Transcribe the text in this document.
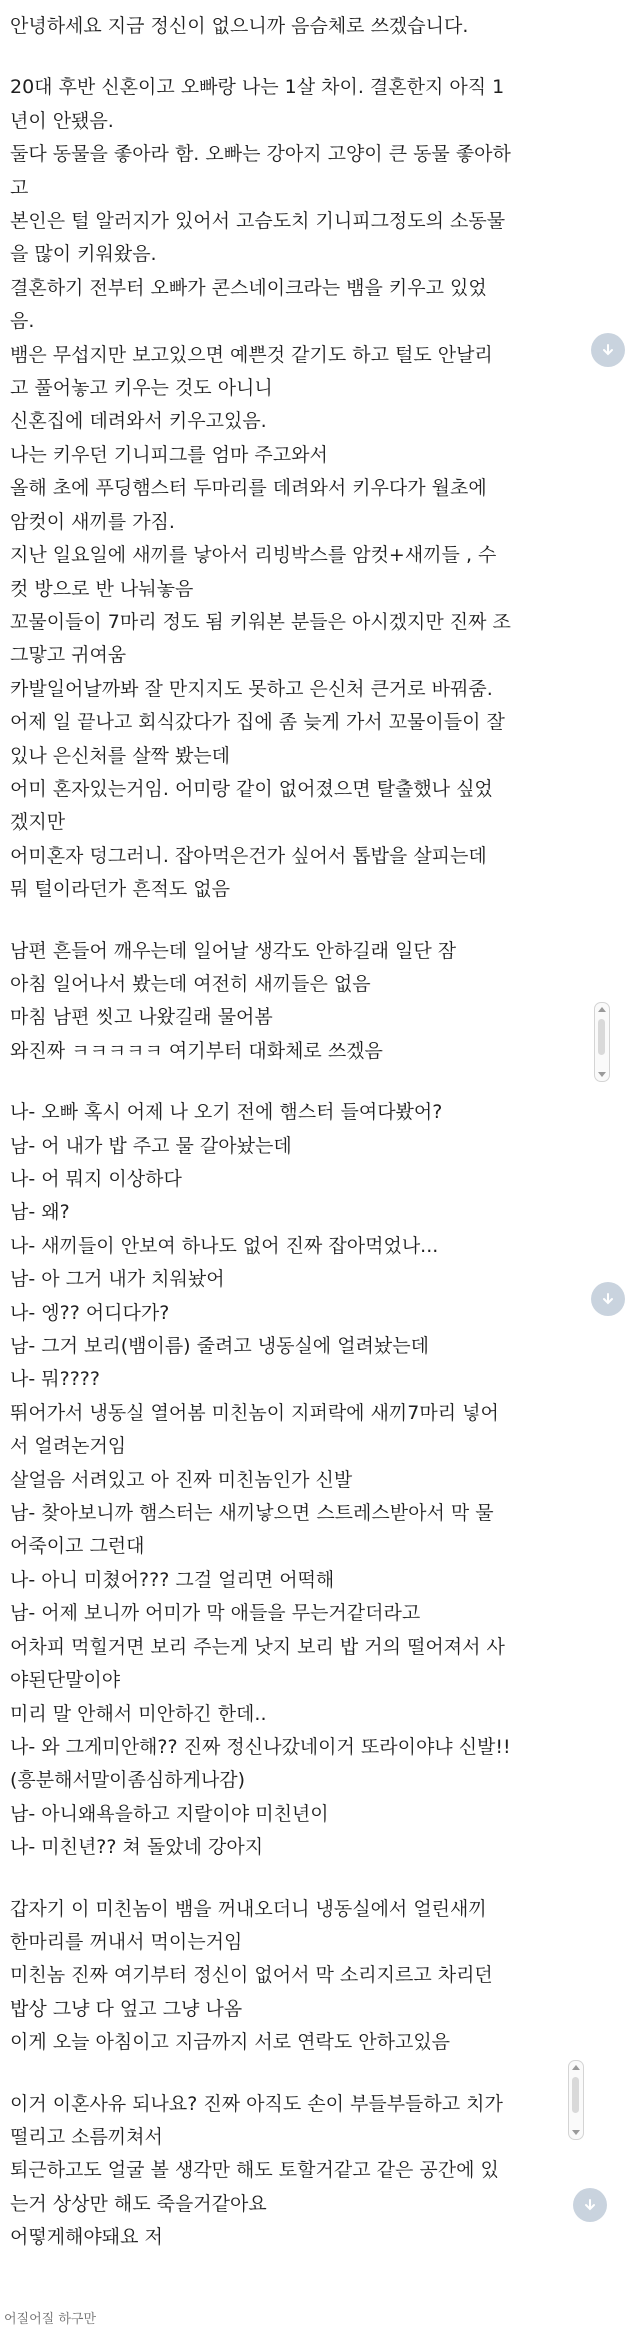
안녕하세요 지금 정신이 없으니까 음슴체로 쓰겠습니다.
20대 후반 신혼이고 오빠랑 나는 1살 차이. 결혼한지 아직 1
년이 안됐음.
둘다 동물을 좋아라 함. 오빠는 강아지 고양이 큰 동물 좋아하
고
본인은 털 알러지가 있어서 고슴도치 기니피그정도의 소동물
을 많이 키워왔음.
결혼하기 전부터 오빠가 콘스네이크라는 뱀을 키우고 있었
음.
뱀은 무섭지만 보고있으면 예쁜것 같기도 하고 털도 안날리
고 풀어놓고 키우는 것도 아니니
신혼집에 데려와서 키우고있음.
나는 키우던 기니피그를 엄마 주고와서
올해 초에 푸딩햄스터 두마리를 데려와서 키우다가 월초에
암컷이 새끼를 가짐.
지난 일요일에 새끼를 낳아서 리빙박스를 암컷+새끼들 , 수
컷 방으로 반 나눠놓음
꼬물이들이 7마리 정도 됨 키워본 분들은 아시겠지만 진짜 조
그맣고 귀여움
카발일어날까봐 잘 만지지도 못하고 은신처 큰거로 바꿔줌.
어제 일 끝나고 회식갔다가 집에 좀 늦게 가서 꼬물이들이 잘
있나 은신처를 살짝 봤는데
어미 혼자있는거임. 어미랑 같이 없어졌으면 탈출했나 싶었
겠지만
어미혼자 덩그러니. 잡아먹은건가 싶어서 톱밥을 살피는데
뭐 털이라던가 흔적도 없음
남편 흔들어 깨우는데 일어날 생각도 안하길래 일단 잠
아침 일어나서 봤는데 여전히 새끼들은 없음
마침 남편 씻고 나왔길래 물어봄
와진짜 ㅋㅋㅋㅋㅋ 여기부터 대화체로 쓰겠음
나- 오빠 혹시 어제 나 오기 전에 햄스터 들여다봤어?
남- 어 내가 밥 주고 물 갈아놨는데
나- 어 뭐지 이상하다
남- 왜?
나- 새끼들이 안보여 하나도 없어 진짜 잡아먹었나...
남- 아 그거 내가 치워놨어
나- 엥?? 어디다가?
남- 그거 보리(뱀이름) 줄려고 냉동실에 얼려놨는데
나- 뭐????
뛰어가서 냉동실 열어봄 미친놈이 지퍼락에 새끼7마리 넣어
서 얼려논거임
살얼음 서려있고 아 진짜 미친놈인가 신발
남- 찾아보니까 햄스터는 새끼낳으면 스트레스받아서 막 물
어죽이고 그런대
나- 아니 미쳤어??? 그걸 얼리면 어떡해
남- 어제 보니까 어미가 막 애들을 무는거같더라고
어차피 먹힐거면 보리 주는게 낫지 보리 밥 거의 떨어져서 사
야된단말이야
미리 말 안해서 미안하긴 한데..
나- 와 그게미안해?? 진짜 정신나갔네이거 또라이야냐 신발!!
(흥분해서말이좀심하게나감)
남- 아니왜욕을하고 지랄이야 미친년이
나- 미친년?? 쳐 돌았네 강아지
갑자기 이 미친놈이 뱀을 꺼내오더니 냉동실에서 얼린새끼
한마리를 꺼내서 먹이는거임
미친놈 진짜 여기부터 정신이 없어서 막 소리지르고 차리던
밥상 그냥 다 엎고 그냥 나옴
이게 오늘 아침이고 지금까지 서로 연락도 안하고있음
이거 이혼사유 되나요? 진짜 아직도 손이 부들부들하고 치가
떨리고 소름끼쳐서
퇴근하고도 얼굴 볼 생각만 해도 토할거같고 같은 공간에 있
는거 상상만 해도 죽을거같아요
어떻게해야돼요 저
어질어질 하구만
